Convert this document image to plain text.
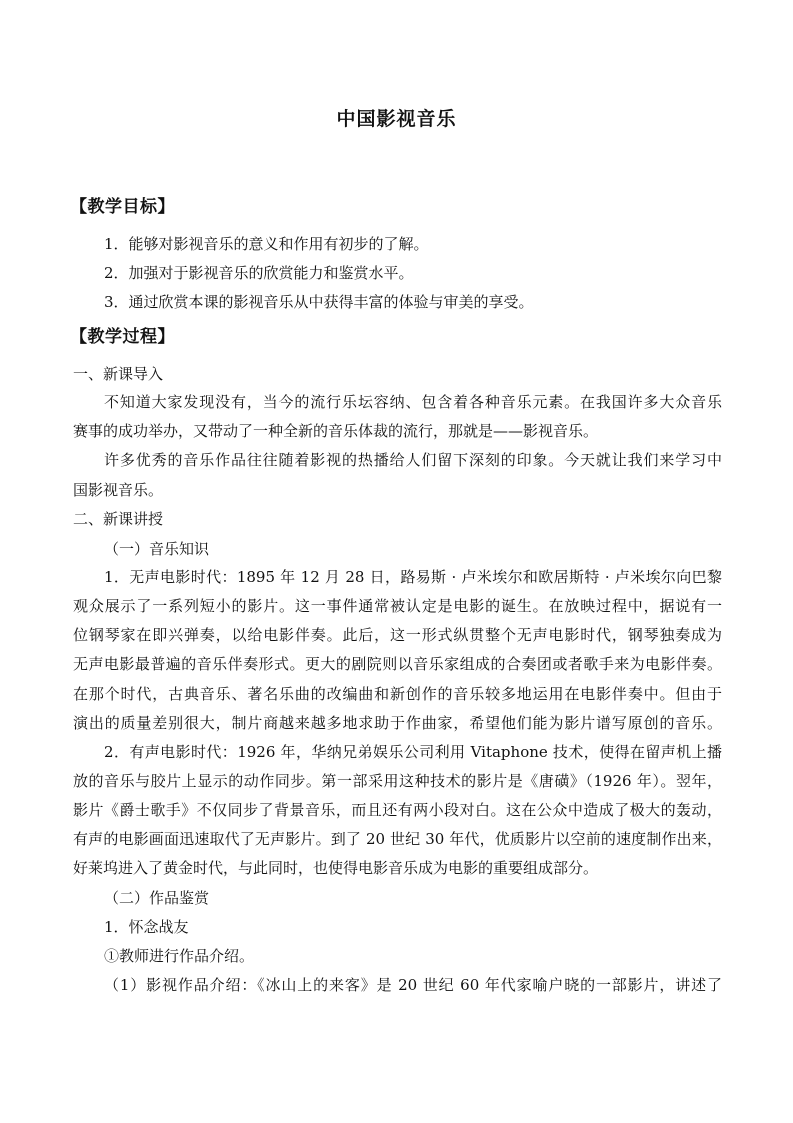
中国影视音乐
【教学目标】
1．能够对影视音乐的意义和作用有初步的了解。
2．加强对于影视音乐的欣赏能力和鉴赏水平。
3．通过欣赏本课的影视音乐从中获得丰富的体验与审美的享受。
【教学过程】
一、新课导入
不知道大家发现没有，当今的流行乐坛容纳、包含着各种音乐元素。在我国许多大众音乐
赛事的成功举办，又带动了一种全新的音乐体裁的流行，那就是——影视音乐。
许多优秀的音乐作品往往随着影视的热播给人们留下深刻的印象。今天就让我们来学习中
国影视音乐。
二、新课讲授
（一）音乐知识
1．无声电影时代：1895 年 12 月 28 日，路易斯 · 卢米埃尔和欧居斯特 · 卢米埃尔向巴黎
观众展示了一系列短小的影片。这一事件通常被认定是电影的诞生。在放映过程中，据说有一
位钢琴家在即兴弹奏，以给电影伴奏。此后，这一形式纵贯整个无声电影时代，钢琴独奏成为
无声电影最普遍的音乐伴奏形式。更大的剧院则以音乐家组成的合奏团或者歌手来为电影伴奏。
在那个时代，古典音乐、著名乐曲的改编曲和新创作的音乐较多地运用在电影伴奏中。但由于
演出的质量差别很大，制片商越来越多地求助于作曲家，希望他们能为影片谱写原创的音乐。
2．有声电影时代：1926 年，华纳兄弟娱乐公司利用 Vitaphone 技术，使得在留声机上播
放的音乐与胶片上显示的动作同步。第一部采用这种技术的影片是《唐磺》（1926 年）。翌年，
影片《爵士歌手》不仅同步了背景音乐，而且还有两小段对白。这在公众中造成了极大的轰动，
有声的电影画面迅速取代了无声影片。到了 20 世纪 30 年代，优质影片以空前的速度制作出来，
好莱坞进入了黄金时代，与此同时，也使得电影音乐成为电影的重要组成部分。
（二）作品鉴赏
1．怀念战友
①教师进行作品介绍。
（1）影视作品介绍：《冰山上的来客》是 20 世纪 60 年代家喻户晓的一部影片，讲述了
